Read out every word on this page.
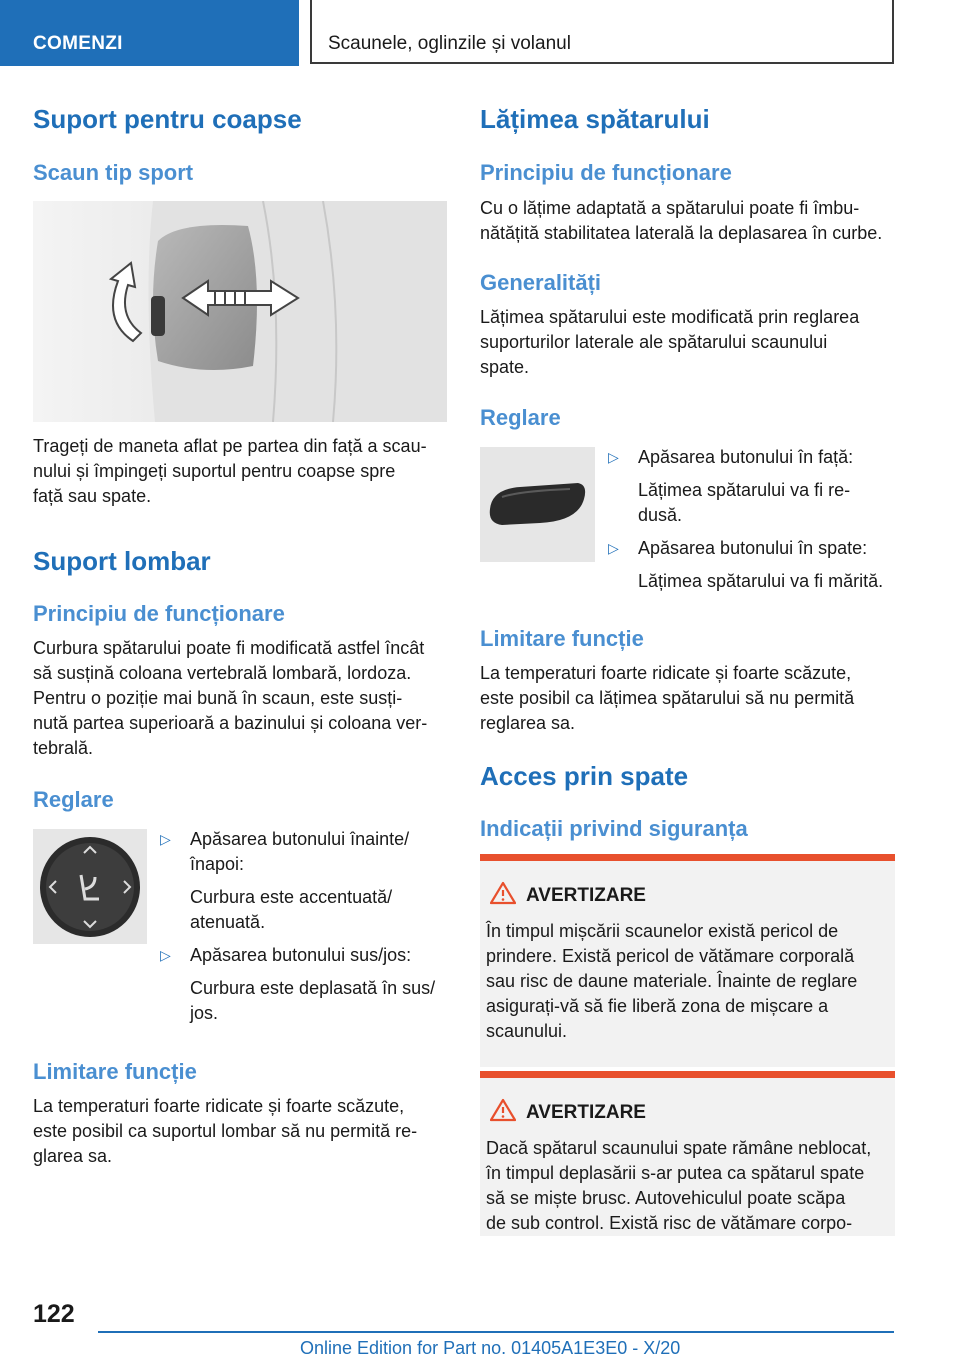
COMENZI	Scaunele, oglinzile și volanul
Suport pentru coapse
Scaun tip sport
Trageți de maneta aflat pe partea din față a scau-
nului și împingeți suportul pentru coapse spre
față sau spate.
Suport lombar
Principiu de funcționare
Curbura spătarului poate fi modificată astfel încât
să susțină coloana vertebrală lombară, lordoza.
Pentru o poziție mai bună în scaun, este susți-
nută partea superioară a bazinului și coloana ver-
tebrală.
Reglare
▷ Apăsarea butonului înainte/
înapoi:
Curbura este accentuată/
atenuată.
▷ Apăsarea butonului sus/jos:
Curbura este deplasată în sus/
jos.
Limitare funcție
La temperaturi foarte ridicate și foarte scăzute,
este posibil ca suportul lombar să nu permită re-
glarea sa.
Lățimea spătarului
Principiu de funcționare
Cu o lățime adaptată a spătarului poate fi îmbu-
nătățită stabilitatea laterală la deplasarea în curbe.
Generalități
Lățimea spătarului este modificată prin reglarea
suporturilor laterale ale spătarului scaunului
spate.
Reglare
▷ Apăsarea butonului în față:
Lățimea spătarului va fi re-
dusă.
▷ Apăsarea butonului în spate:
Lățimea spătarului va fi mărită.
Limitare funcție
La temperaturi foarte ridicate și foarte scăzute,
este posibil ca lățimea spătarului să nu permită
reglarea sa.
Acces prin spate
Indicații privind siguranța
AVERTIZARE
În timpul mișcării scaunelor există pericol de
prindere. Există pericol de vătămare corporală
sau risc de daune materiale. Înainte de reglare
asigurați-vă să fie liberă zona de mișcare a
scaunului.
AVERTIZARE
Dacă spătarul scaunului spate rămâne neblocat,
în timpul deplasării s-ar putea ca spătarul spate
să se miște brusc. Autovehiculul poate scăpa
de sub control. Există risc de vătămare corpo-
122
Online Edition for Part no. 01405A1E3E0 - X/20
